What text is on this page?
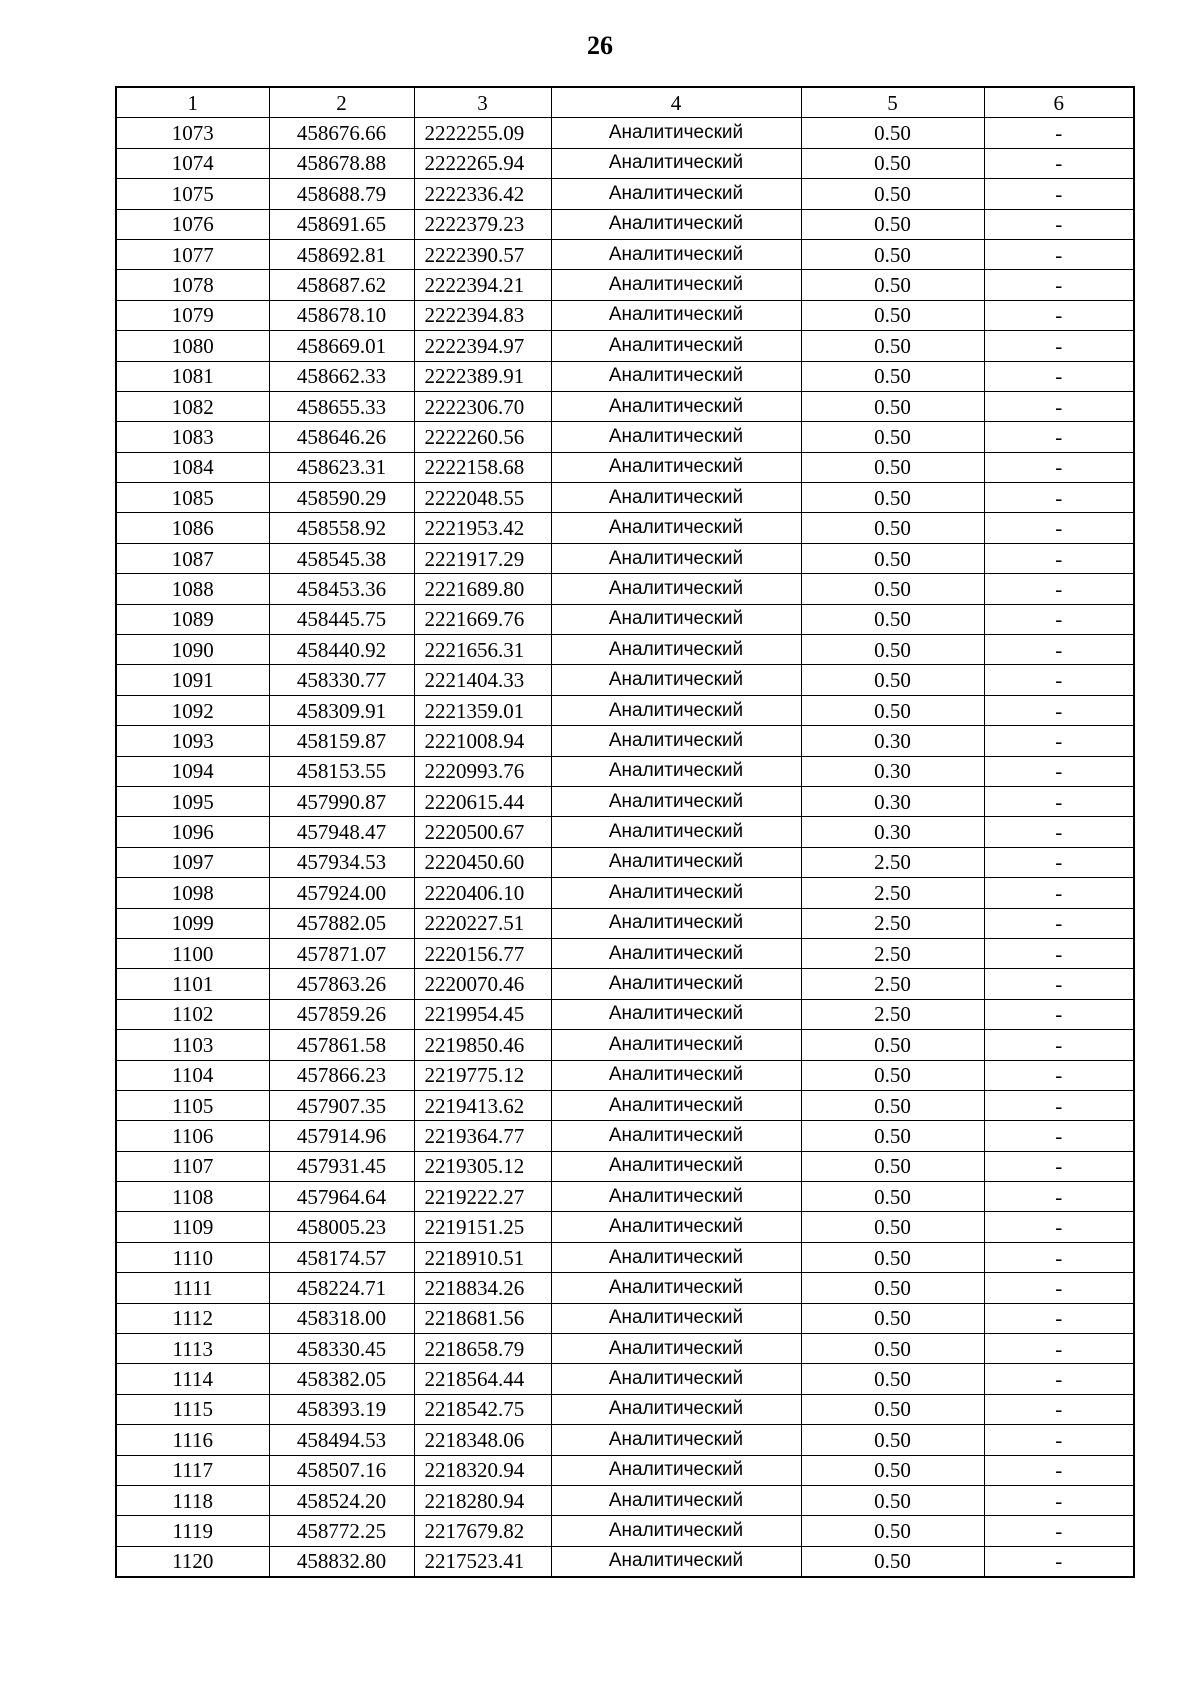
26
1	2	3	4	5	6
1073	458676.66	2222255.09	Аналитический	0.50	-
1074	458678.88	2222265.94	Аналитический	0.50	-
1075	458688.79	2222336.42	Аналитический	0.50	-
1076	458691.65	2222379.23	Аналитический	0.50	-
1077	458692.81	2222390.57	Аналитический	0.50	-
1078	458687.62	2222394.21	Аналитический	0.50	-
1079	458678.10	2222394.83	Аналитический	0.50	-
1080	458669.01	2222394.97	Аналитический	0.50	-
1081	458662.33	2222389.91	Аналитический	0.50	-
1082	458655.33	2222306.70	Аналитический	0.50	-
1083	458646.26	2222260.56	Аналитический	0.50	-
1084	458623.31	2222158.68	Аналитический	0.50	-
1085	458590.29	2222048.55	Аналитический	0.50	-
1086	458558.92	2221953.42	Аналитический	0.50	-
1087	458545.38	2221917.29	Аналитический	0.50	-
1088	458453.36	2221689.80	Аналитический	0.50	-
1089	458445.75	2221669.76	Аналитический	0.50	-
1090	458440.92	2221656.31	Аналитический	0.50	-
1091	458330.77	2221404.33	Аналитический	0.50	-
1092	458309.91	2221359.01	Аналитический	0.50	-
1093	458159.87	2221008.94	Аналитический	0.30	-
1094	458153.55	2220993.76	Аналитический	0.30	-
1095	457990.87	2220615.44	Аналитический	0.30	-
1096	457948.47	2220500.67	Аналитический	0.30	-
1097	457934.53	2220450.60	Аналитический	2.50	-
1098	457924.00	2220406.10	Аналитический	2.50	-
1099	457882.05	2220227.51	Аналитический	2.50	-
1100	457871.07	2220156.77	Аналитический	2.50	-
1101	457863.26	2220070.46	Аналитический	2.50	-
1102	457859.26	2219954.45	Аналитический	2.50	-
1103	457861.58	2219850.46	Аналитический	0.50	-
1104	457866.23	2219775.12	Аналитический	0.50	-
1105	457907.35	2219413.62	Аналитический	0.50	-
1106	457914.96	2219364.77	Аналитический	0.50	-
1107	457931.45	2219305.12	Аналитический	0.50	-
1108	457964.64	2219222.27	Аналитический	0.50	-
1109	458005.23	2219151.25	Аналитический	0.50	-
1110	458174.57	2218910.51	Аналитический	0.50	-
1111	458224.71	2218834.26	Аналитический	0.50	-
1112	458318.00	2218681.56	Аналитический	0.50	-
1113	458330.45	2218658.79	Аналитический	0.50	-
1114	458382.05	2218564.44	Аналитический	0.50	-
1115	458393.19	2218542.75	Аналитический	0.50	-
1116	458494.53	2218348.06	Аналитический	0.50	-
1117	458507.16	2218320.94	Аналитический	0.50	-
1118	458524.20	2218280.94	Аналитический	0.50	-
1119	458772.25	2217679.82	Аналитический	0.50	-
1120	458832.80	2217523.41	Аналитический	0.50	-
